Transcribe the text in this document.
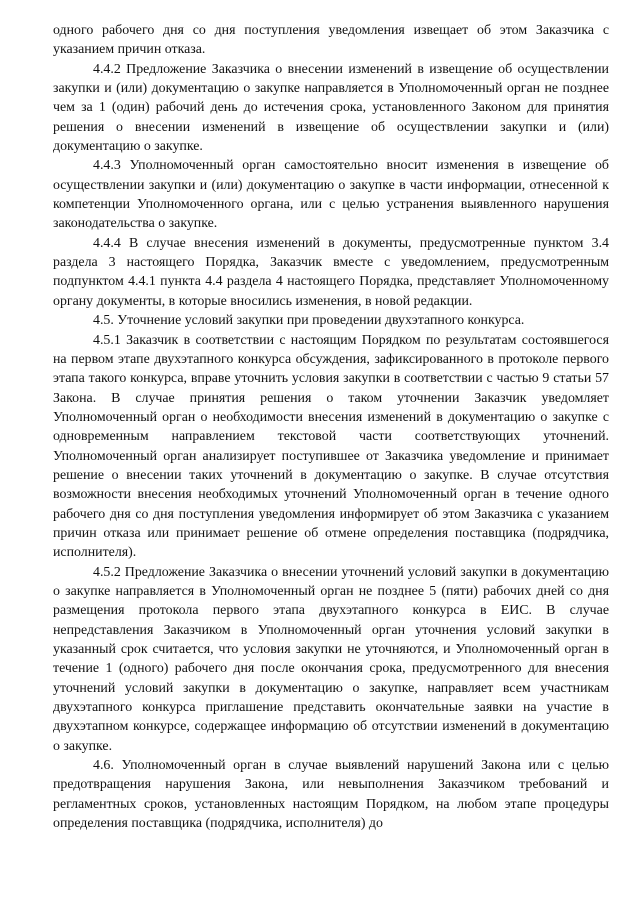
одного рабочего дня со дня поступления уведомления извещает об этом Заказчика с указанием причин отказа.

4.4.2 Предложение Заказчика о внесении изменений в извещение об осуществлении закупки и (или) документацию о закупке направляется в Уполномоченный орган не позднее чем за 1 (один) рабочий день до истечения срока, установленного Законом для принятия решения о внесении изменений в извещение об осуществлении закупки и (или) документацию о закупке.

4.4.3 Уполномоченный орган самостоятельно вносит изменения в извещение об осуществлении закупки и (или) документацию о закупке в части информации, отнесенной к компетенции Уполномоченного органа, или с целью устранения выявленного нарушения законодательства о закупке.

4.4.4 В случае внесения изменений в документы, предусмотренные пунктом 3.4 раздела 3 настоящего Порядка, Заказчик вместе с уведомлением, предусмотренным подпунктом 4.4.1 пункта 4.4 раздела 4 настоящего Порядка, представляет Уполномоченному органу документы, в которые вносились изменения, в новой редакции.

4.5. Уточнение условий закупки при проведении двухэтапного конкурса.

4.5.1 Заказчик в соответствии с настоящим Порядком по результатам состоявшегося на первом этапе двухэтапного конкурса обсуждения, зафиксированного в протоколе первого этапа такого конкурса, вправе уточнить условия закупки в соответствии с частью 9 статьи 57 Закона. В случае принятия решения о таком уточнении Заказчик уведомляет Уполномоченный орган о необходимости внесения изменений в документацию о закупке с одновременным направлением текстовой части соответствующих уточнений. Уполномоченный орган анализирует поступившее от Заказчика уведомление и принимает решение о внесении таких уточнений в документацию о закупке. В случае отсутствия возможности внесения необходимых уточнений Уполномоченный орган в течение одного рабочего дня со дня поступления уведомления информирует об этом Заказчика с указанием причин отказа или принимает решение об отмене определения поставщика (подрядчика, исполнителя).

4.5.2 Предложение Заказчика о внесении уточнений условий закупки в документацию о закупке направляется в Уполномоченный орган не позднее 5 (пяти) рабочих дней со дня размещения протокола первого этапа двухэтапного конкурса в ЕИС. В случае непредставления Заказчиком в Уполномоченный орган уточнения условий закупки в указанный срок считается, что условия закупки не уточняются, и Уполномоченный орган в течение 1 (одного) рабочего дня после окончания срока, предусмотренного для внесения уточнений условий закупки в документацию о закупке, направляет всем участникам двухэтапного конкурса приглашение представить окончательные заявки на участие в двухэтапном конкурсе, содержащее информацию об отсутствии изменений в документацию о закупке.

4.6. Уполномоченный орган в случае выявлений нарушений Закона или с целью предотвращения нарушения Закона, или невыполнения Заказчиком требований и регламентных сроков, установленных настоящим Порядком, на любом этапе процедуры определения поставщика (подрядчика, исполнителя) до
